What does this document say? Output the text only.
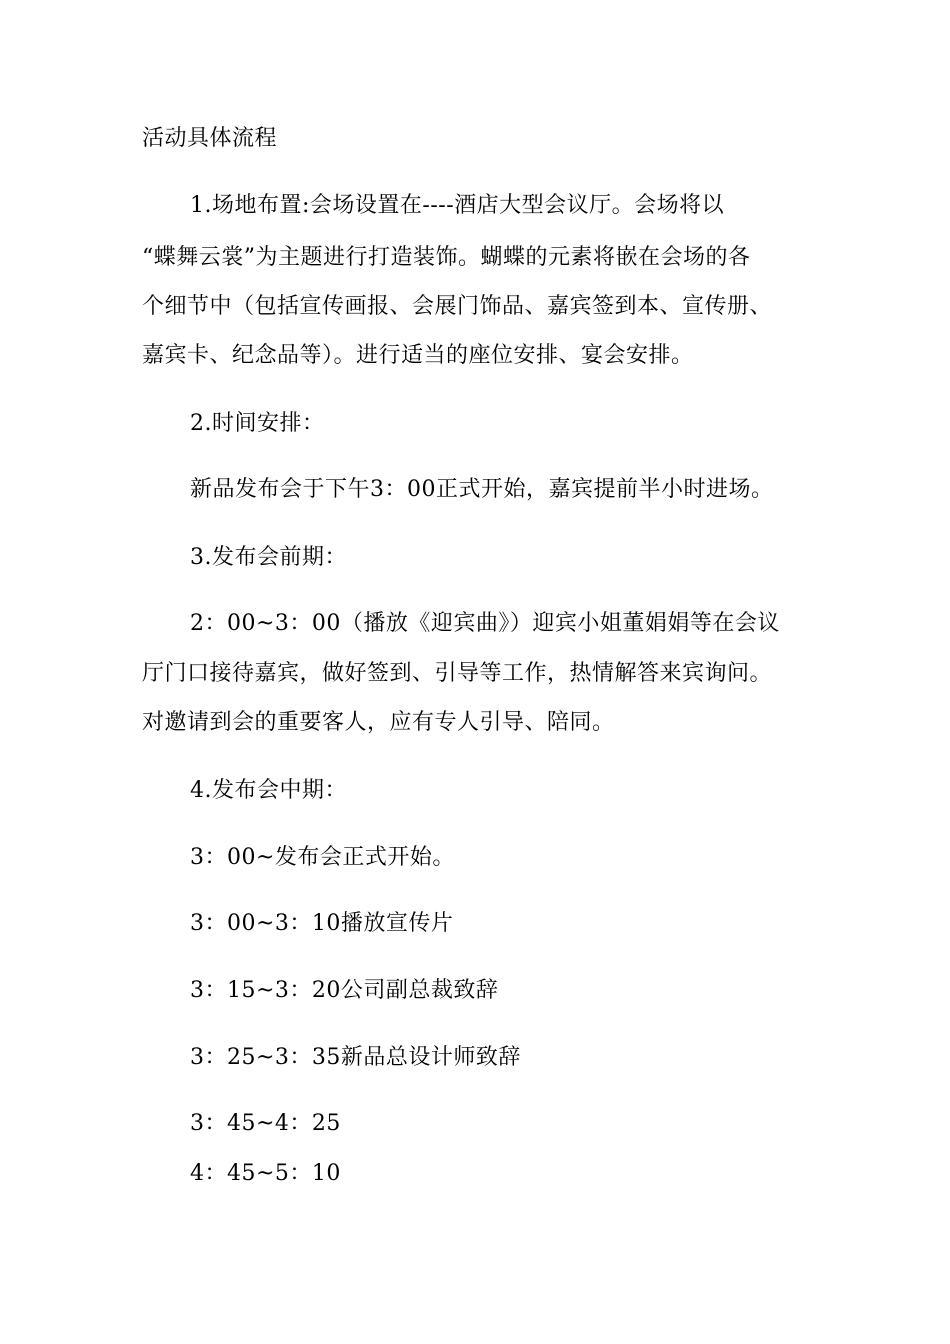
活动具体流程
1.场地布置:会场设置在----酒店大型会议厅。会场将以
“蝶舞云裳”为主题进行打造装饰。蝴蝶的元素将嵌在会场的各
个细节中（包括宣传画报、会展门饰品、嘉宾签到本、宣传册、
嘉宾卡、纪念品等）。进行适当的座位安排、宴会安排。
2.时间安排：
新品发布会于下午3：00正式开始，嘉宾提前半小时进场。
3.发布会前期：
2：00~3：00（播放《迎宾曲》）迎宾小姐董娟娟等在会议
厅门口接待嘉宾，做好签到、引导等工作，热情解答来宾询问。
对邀请到会的重要客人，应有专人引导、陪同。
4.发布会中期：
3：00~发布会正式开始。
3：00~3：10播放宣传片
3：15~3：20公司副总裁致辞
3：25~3：35新品总设计师致辞
3：45~4：25
4：45~5：10
